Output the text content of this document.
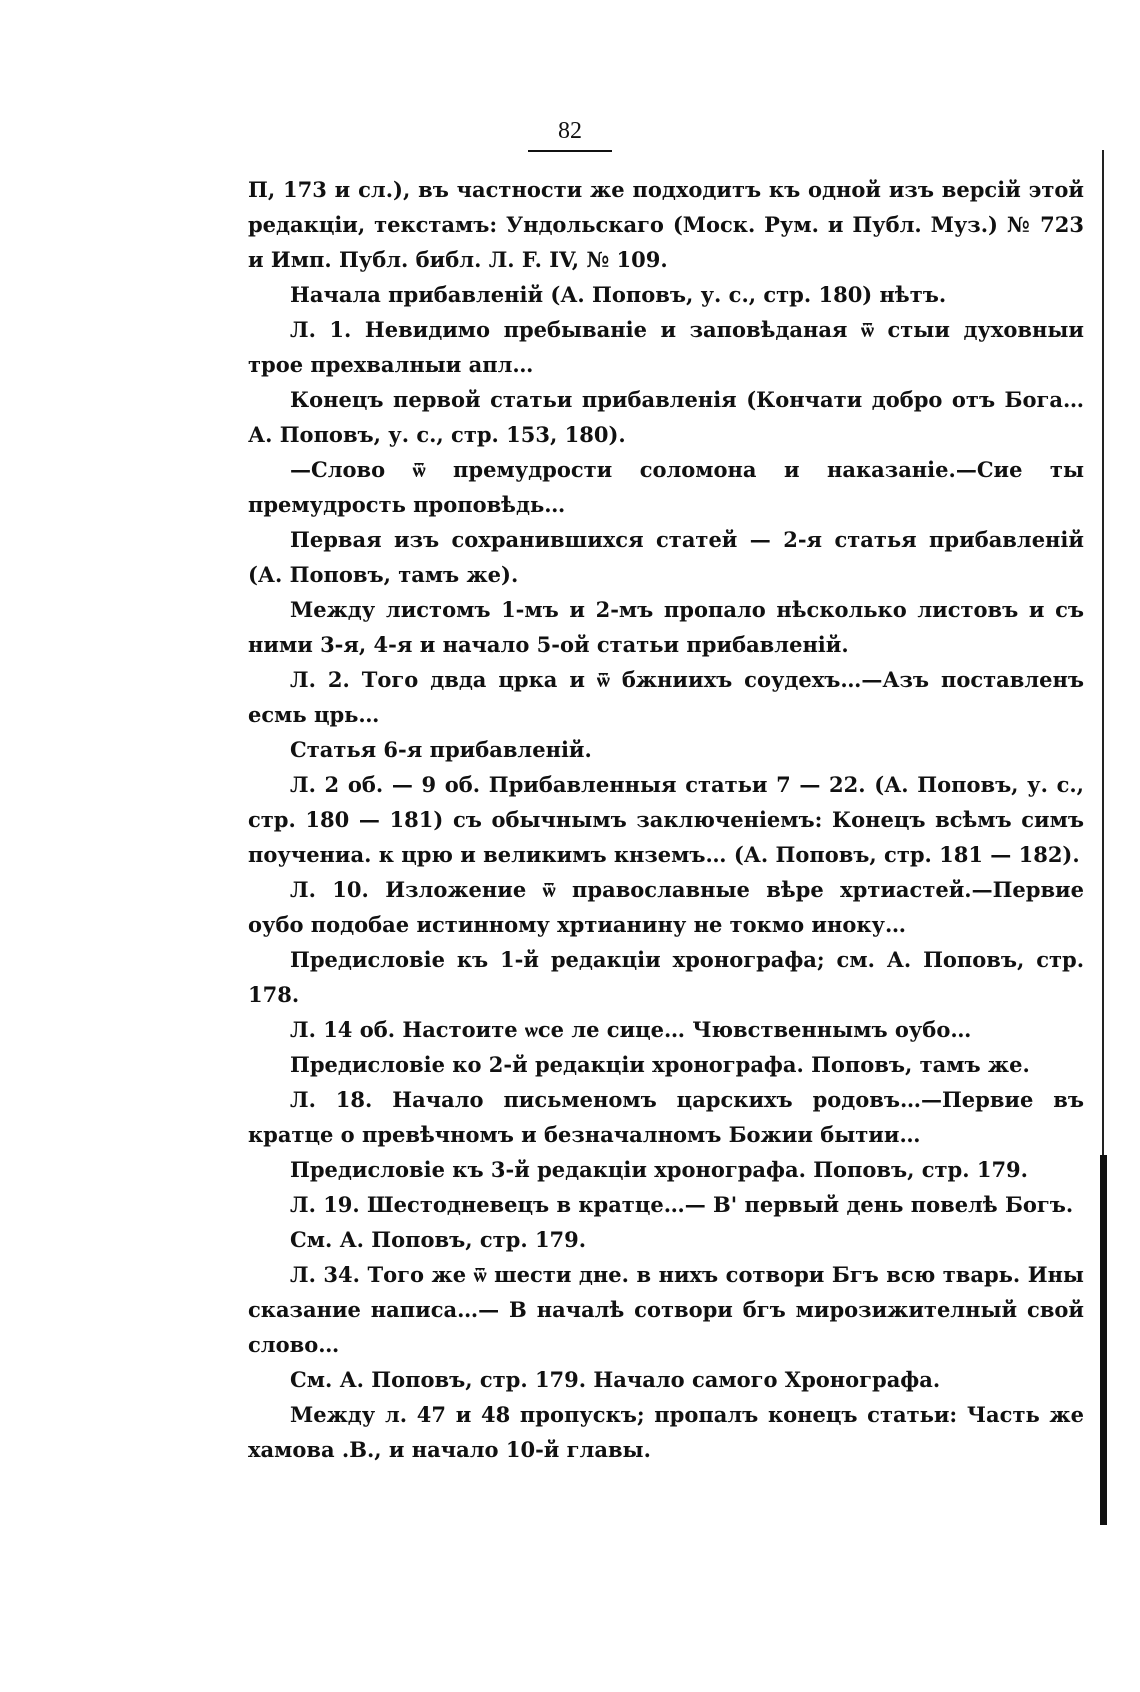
82

П, 173 и сл.), въ частности же подходитъ къ одной изъ версій этой редакціи, текстамъ: Ундольскаго (Моск. Рум. и Публ. Муз.) № 723 и Имп. Публ. библ. Л. F. IV, № 109.

Начала прибавленій (А. Поповъ, у. с., стр. 180) нѣтъ.

Л. 1. Невидимо пребываніе и заповѣданая ѿ стыи духовныи трое прехвалныи апл…

Конецъ первой статьи прибавленія (Кончати добро отъ Бога… А. Поповъ, у. с., стр. 153, 180).

—Слово ѿ премудрости соломона и наказаніе.—Сие ты премудрость проповѣдь…

Первая изъ сохранившихся статей — 2-я статья прибавленій (А. Поповъ, тамъ же).

Между листомъ 1-мъ и 2-мъ пропало нѣсколько листовъ и съ ними 3-я, 4-я и начало 5-ой статьи прибавленій.

Л. 2. Того двда црка и ѿ бжниихъ соудехъ…—Азъ поставленъ есмь црь…

Статья 6-я прибавленій.

Л. 2 об. — 9 об. Прибавленныя статьи 7 — 22. (А. Поповъ, у. с., стр. 180 — 181) съ обычнымъ заключеніемъ: Конецъ всѣмъ симъ поучениа. к црю и великимъ кнземъ… (А. Поповъ, стр. 181 — 182).

Л. 10. Изложение ѿ православные вѣре хртиастей.—Первие оубо подобае истинному хртианину не токмо иноку…

Предисловіе къ 1-й редакціи хронографа; см. А. Поповъ, стр. 178.

Л. 14 об. Настоите ѡсе ле сице… Чювственнымъ оубо…

Предисловіе ко 2-й редакціи хронографа. Поповъ, тамъ же.

Л. 18. Начало письменомъ царскихъ родовъ…—Первие въ кратце о превѣчномъ и безначалномъ Божии бытии…

Предисловіе къ 3-й редакціи хронографа. Поповъ, стр. 179.

Л. 19. Шестодневецъ в кратце…— В' первый день повелѣ Богъ.

См. А. Поповъ, стр. 179.

Л. 34. Того же ѿ шести дне. в нихъ сотвори Бгъ всю тварь. Ины сказание написа…— В началѣ сотвори бгъ мирозижителный свой слово…

См. А. Поповъ, стр. 179. Начало самого Хронографа.

Между л. 47 и 48 пропускъ; пропалъ конецъ статьи: Часть же хамова .В., и начало 10-й главы.
